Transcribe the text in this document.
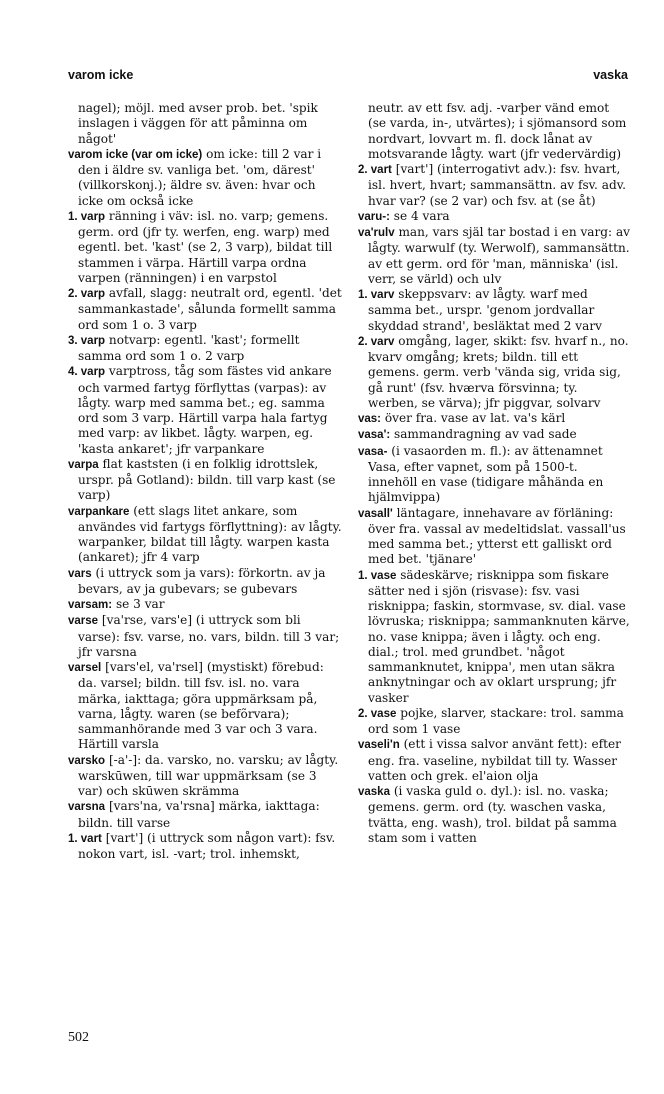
varom icke	vaska

nagel); möjl. med avser prob. bet. 'spik inslagen i väggen för att påminna om något'

varom icke (var om icke) om icke: till 2 var i den i äldre sv. vanliga bet. 'om, därest' (villkorskonj.); äldre sv. även: hvar och icke om också icke

1. varp ränning i väv: isl. no. varp; gemens. germ. ord (jfr ty. werfen, eng. warp) med egentl. bet. 'kast' (se 2, 3 varp), bildat till stammen i värpa. Härtill varpa ordna varpen (ränningen) i en varpstol

2. varp avfall, slagg: neutralt ord, egentl. 'det sammankastade', sålunda formellt samma ord som 1 o. 3 varp

3. varp notvarp: egentl. 'kast'; formellt samma ord som 1 o. 2 varp

4. varp varptross, tåg som fästes vid ankare och varmed fartyg förflyttas (varpas): av lågty. warp med samma bet.; eg. samma ord som 3 varp. Härtill varpa hala fartyg med varp: av likbet. lågty. warpen, eg. 'kasta ankaret'; jfr varpankare

varpa flat kaststen (i en folklig idrottslek, urspr. på Gotland): bildn. till varp kast (se varp)

varpankare (ett slags litet ankare, som användes vid fartygs förflyttning): av lågty. warpanker, bildat till lågty. warpen kasta (ankaret); jfr 4 varp

vars (i uttryck som ja vars): förkortn. av ja bevars, av ja gubevars; se gubevars

varsam: se 3 var

varse [va'rse, vars'e] (i uttryck som bli varse): fsv. varse, no. vars, bildn. till 3 var; jfr varsna

varsel [vars'el, va'rsel] (mystiskt) förebud: da. varsel; bildn. till fsv. isl. no. vara märka, iakttaga; göra uppmärksam på, varna, lågty. waren (se befõrvara); sammanhörande med 3 var och 3 vara. Härtill varsla

varsko [-a'-]: da. varsko, no. varsku; av lågty. warskūwen, till war uppmärksam (se 3 var) och skūwen skrämma

varsna [vars'na, va'rsna] märka, iakttaga: bildn. till varse

1. vart [vart'] (i uttryck som någon vart): fsv. nokon vart, isl. -vart; trol. inhemskt,

neutr. av ett fsv. adj. -varþer vänd emot (se varda, in-, utvärtes); i sjömansord som nordvart, lovvart m. fl. dock lånat av motsvarande lågty. wart (jfr vedervärdig)

2. vart [vart'] (interrogativt adv.): fsv. hvart, isl. hvert, hvart; sammansättn. av fsv. adv. hvar var? (se 2 var) och fsv. at (se åt)

varu-: se 4 vara

va'rulv man, vars själ tar bostad i en varg: av lågty. warwulf (ty. Werwolf), sammansättn. av ett germ. ord för 'man, människa' (isl. verr, se värld) och ulv

1. varv skeppsvarv: av lågty. warf med samma bet., urspr. 'genom jordvallar skyddad strand', besläktat med 2 varv

2. varv omgång, lager, skikt: fsv. hvarf n., no. kvarv omgång; krets; bildn. till ett gemens. germ. verb 'vända sig, vrida sig, gå runt' (fsv. hværva försvinna; ty. werben, se värva); jfr piggvar, solvarv

vas: över fra. vase av lat. va's kärl

vasa': sammandragning av vad sade

vasa- (i vasaorden m. fl.): av ättenamnet Vasa, efter vapnet, som på 1500-t. innehöll en vase (tidigare måhända en hjälmvippa)

vasall' läntagare, innehavare av förläning: över fra. vassal av medeltidslat. vassall'us med samma bet.; ytterst ett galliskt ord med bet. 'tjänare'

1. vase sädeskärve; risknippa som fiskare sätter ned i sjön (risvase): fsv. vasi risknippa; faskin, stormvase, sv. dial. vase lövruska; risknippa; sammanknuten kärve, no. vase knippa; även i lågty. och eng. dial.; trol. med grundbet. 'något sammanknutet, knippa', men utan säkra anknytningar och av oklart ursprung; jfr vasker

2. vase pojke, slarver, stackare: trol. samma ord som 1 vase

vaseli'n (ett i vissa salvor använt fett): efter eng. fra. vaseline, nybildat till ty. Wasser vatten och grek. el'aion olja

vaska (i vaska guld o. dyl.): isl. no. vaska; gemens. germ. ord (ty. waschen vaska, tvätta, eng. wash), trol. bildat på samma stam som i vatten

502
